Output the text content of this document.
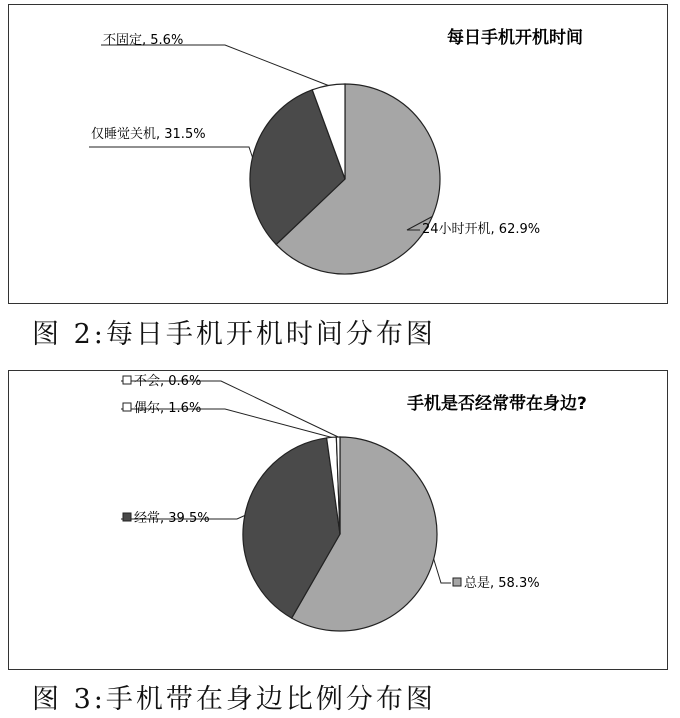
每日手机开机时间
24小时开机, 62.9%
仅睡觉关机, 31.5%
不固定, 5.6%
图 2:每日手机开机时间分布图
手机是否经常带在身边?
总是, 58.3%
经常, 39.5%
偶尔, 1.6%
不会, 0.6%
图 3:手机带在身边比例分布图
